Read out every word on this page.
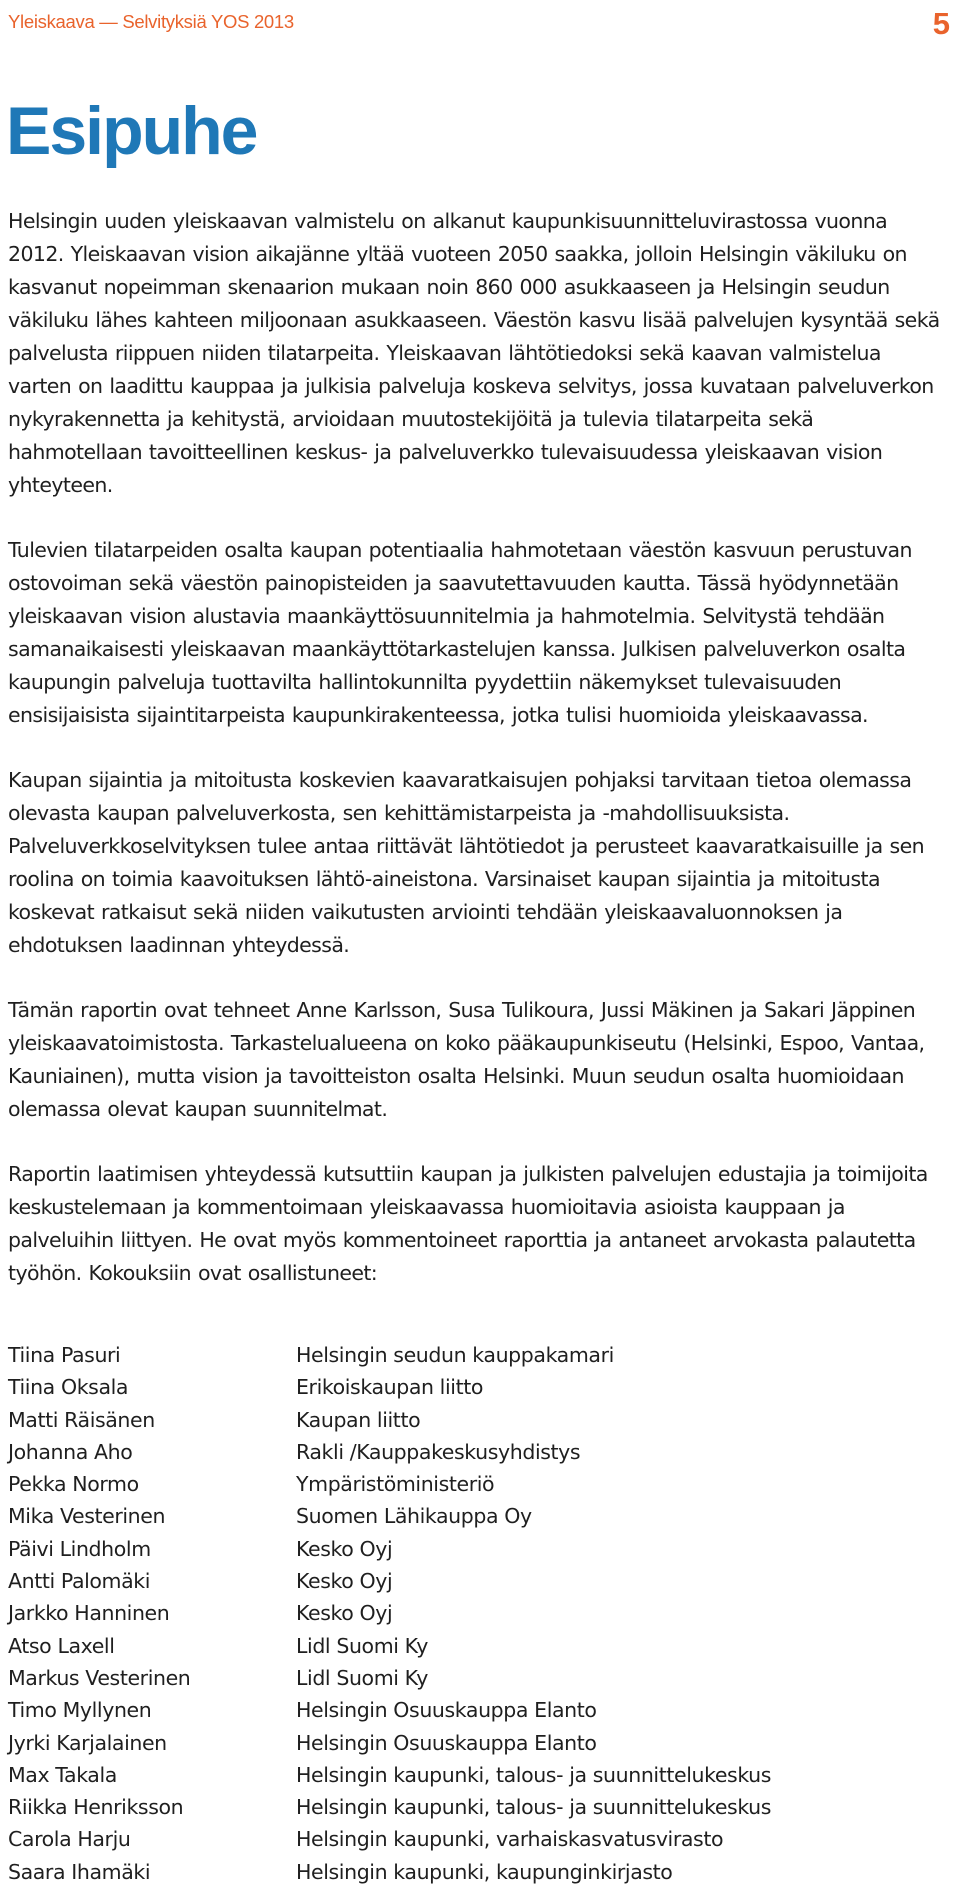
Yleiskaava — Selvityksiä YOS 2013	5
Esipuhe

Helsingin uuden yleiskaavan valmistelu on alkanut kaupunkisuunnitteluvirastossa vuonna 2012. Yleiskaavan vision aikajänne yltää vuoteen 2050 saakka, jolloin Helsingin väkiluku on kasvanut nopeimman skenaarion mukaan noin 860 000 asukkaaseen ja Helsingin seudun väkiluku lähes kahteen miljoonaan asukkaaseen. Väestön kasvu lisää palvelujen kysyntää sekä palvelusta riippuen niiden tilatarpeita. Yleiskaavan lähtötiedoksi sekä kaavan valmistelua varten on laadittu kauppaa ja julkisia palveluja koskeva selvitys, jossa kuvataan palveluverkon nykyrakennetta ja kehitystä, arvioidaan muutostekijöitä ja tulevia tilatarpeita sekä hahmotellaan tavoitteellinen keskus- ja palveluverkko tulevaisuudessa yleiskaavan vision yhteyteen.

Tulevien tilatarpeiden osalta kaupan potentiaalia hahmotetaan väestön kasvuun perustuvan ostovoiman sekä väestön painopisteiden ja saavutettavuuden kautta. Tässä hyödynnetään yleiskaavan vision alustavia maankäyttösuunnitelmia ja hahmotelmia. Selvitystä tehdään samanaikaisesti yleiskaavan maankäyttötarkastelujen kanssa. Julkisen palveluverkon osalta kaupungin palveluja tuottavilta hallintokunnilta pyydettiin näkemykset tulevaisuuden ensisijaisista sijaintitarpeista kaupunkirakenteessa, jotka tulisi huomioida yleiskaavassa.

Kaupan sijaintia ja mitoitusta koskevien kaavaratkaisujen pohjaksi tarvitaan tietoa olemassa olevasta kaupan palveluverkosta, sen kehittämistarpeista ja -mahdollisuuksista. Palveluverkkoselvityksen tulee antaa riittävät lähtötiedot ja perusteet kaavaratkaisuille ja sen roolina on toimia kaavoituksen lähtö-aineistona. Varsinaiset kaupan sijaintia ja mitoitusta koskevat ratkaisut sekä niiden vaikutusten arviointi tehdään yleiskaavaluonnoksen ja ehdotuksen laadinnan yhteydessä.

Tämän raportin ovat tehneet Anne Karlsson, Susa Tulikoura, Jussi Mäkinen ja Sakari Jäppinen yleiskaavatoimistosta. Tarkastelualueena on koko pääkaupunkiseutu (Helsinki, Espoo, Vantaa, Kauniainen), mutta vision ja tavoitteiston osalta Helsinki. Muun seudun osalta huomioidaan olemassa olevat kaupan suunnitelmat.

Raportin laatimisen yhteydessä kutsuttiin kaupan ja julkisten palvelujen edustajia ja toimijoita keskustelemaan ja kommentoimaan yleiskaavassa huomioitavia asioista kauppaan ja palveluihin liittyen. He ovat myös kommentoineet raporttia ja antaneet arvokasta palautetta työhön. Kokouksiin ovat osallistuneet:

Tiina Pasuri	Helsingin seudun kauppakamari
Tiina Oksala	Erikoiskaupan liitto
Matti Räisänen	Kaupan liitto
Johanna Aho	Rakli /Kauppakeskusyhdistys
Pekka Normo	Ympäristöministeriö
Mika Vesterinen	Suomen Lähikauppa Oy
Päivi Lindholm	Kesko Oyj
Antti Palomäki	Kesko Oyj
Jarkko Hanninen	Kesko Oyj
Atso Laxell	Lidl Suomi Ky
Markus Vesterinen	Lidl Suomi Ky
Timo Myllynen	Helsingin Osuuskauppa Elanto
Jyrki Karjalainen	Helsingin Osuuskauppa Elanto
Max Takala	Helsingin kaupunki, talous- ja suunnittelukeskus
Riikka Henriksson	Helsingin kaupunki, talous- ja suunnittelukeskus
Carola Harju	Helsingin kaupunki, varhaiskasvatusvirasto
Saara Ihamäki	Helsingin kaupunki, kaupunginkirjasto
